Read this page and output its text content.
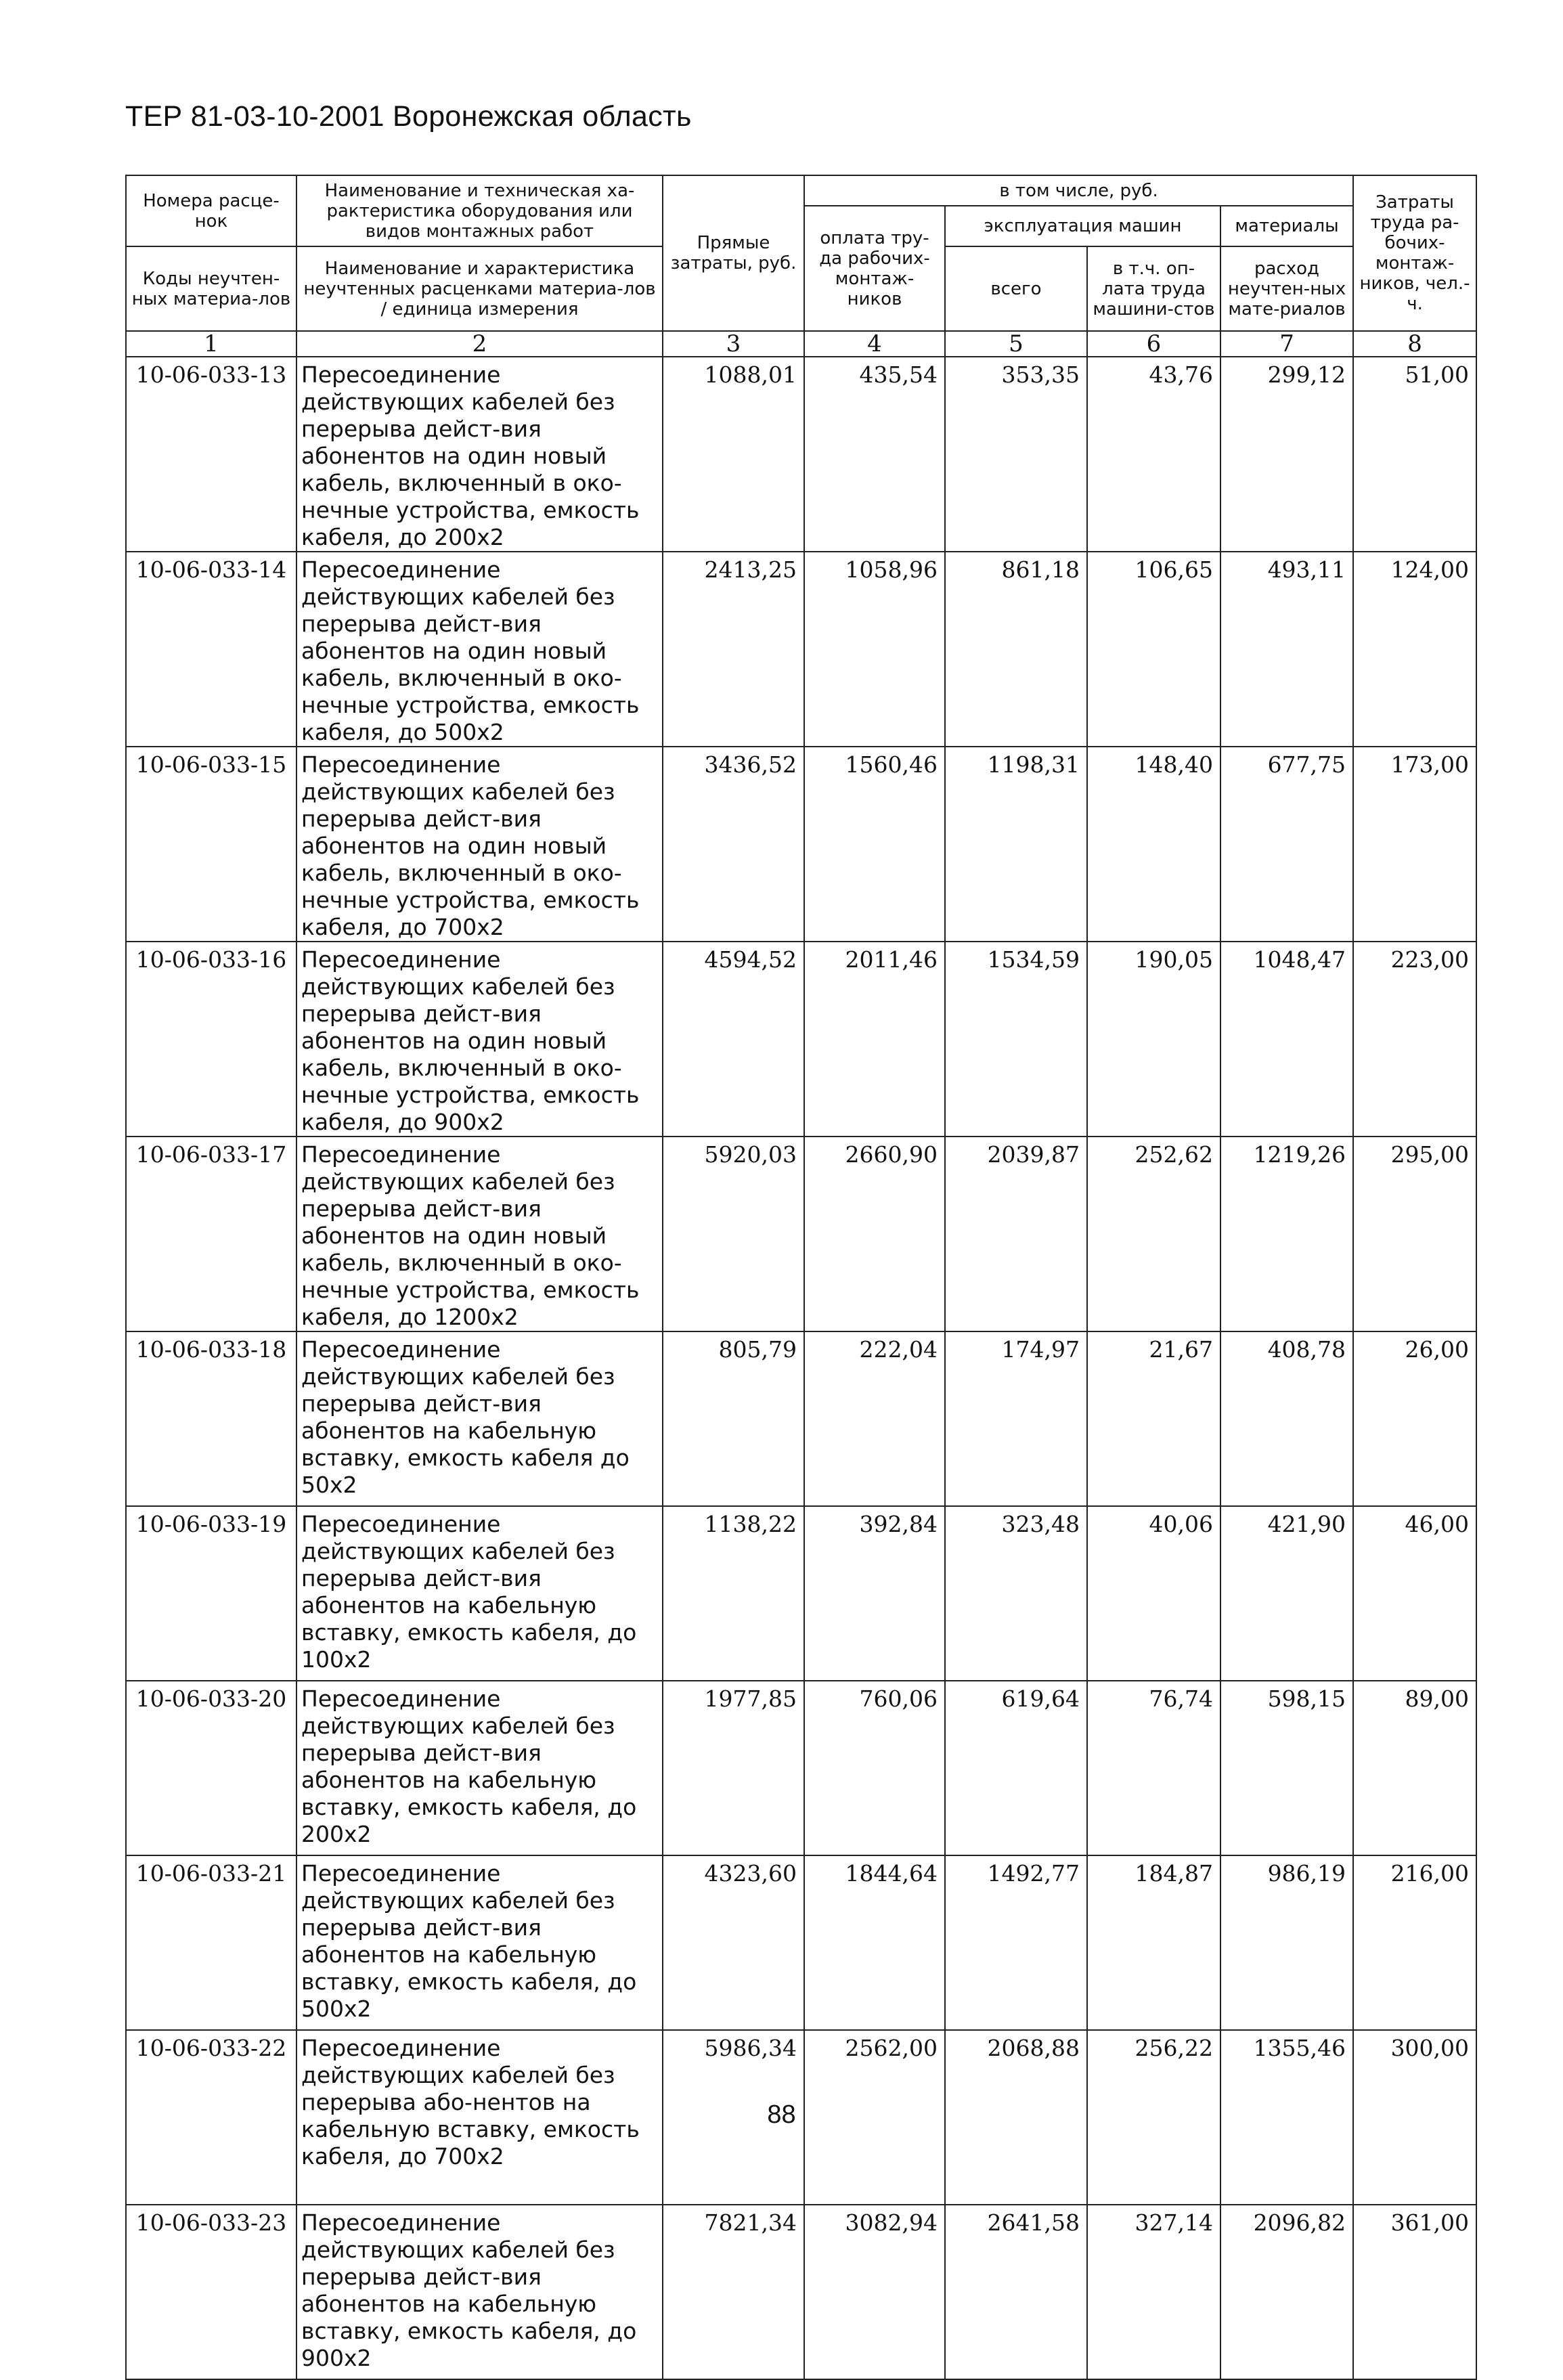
ТЕР 81-03-10-2001 Воронежская область
Номера расце-нок	Наименование и техническая ха-рактеристика оборудования или видов монтажных работ	Прямые затраты, руб.	в том числе, руб.				Затраты труда ра-бочих-монтаж-ников, чел.-ч.
			оплата тру-да рабочих-монтаж-ников	эксплуатация машин		материалы	
Коды неучтен-ных материа-лов	Наименование и характеристика неучтенных расценками материа-лов / единица измерения			всего	в т.ч. оп-лата труда машини-стов	расход неучтен-ных мате-риалов	

1	2	3	4	5	6	7	8
10-06-033-13	Пересоединение действующих кабелей без перерыва дейст-вия абонентов на один новый кабель, включенный в око-нечные устройства, емкость кабеля, до 200x2	1088,01	435,54	353,35	43,76	299,12	51,00
10-06-033-14	Пересоединение действующих кабелей без перерыва дейст-вия абонентов на один новый кабель, включенный в око-нечные устройства, емкость кабеля, до 500x2	2413,25	1058,96	861,18	106,65	493,11	124,00
10-06-033-15	Пересоединение действующих кабелей без перерыва дейст-вия абонентов на один новый кабель, включенный в око-нечные устройства, емкость кабеля, до 700x2	3436,52	1560,46	1198,31	148,40	677,75	173,00
10-06-033-16	Пересоединение действующих кабелей без перерыва дейст-вия абонентов на один новый кабель, включенный в око-нечные устройства, емкость кабеля, до 900x2	4594,52	2011,46	1534,59	190,05	1048,47	223,00
10-06-033-17	Пересоединение действующих кабелей без перерыва дейст-вия абонентов на один новый кабель, включенный в око-нечные устройства, емкость кабеля, до 1200x2	5920,03	2660,90	2039,87	252,62	1219,26	295,00
10-06-033-18	Пересоединение действующих кабелей без перерыва дейст-вия абонентов на кабельную вставку, емкость кабеля до 50x2	805,79	222,04	174,97	21,67	408,78	26,00
10-06-033-19	Пересоединение действующих кабелей без перерыва дейст-вия абонентов на кабельную вставку, емкость кабеля, до 100x2	1138,22	392,84	323,48	40,06	421,90	46,00
10-06-033-20	Пересоединение действующих кабелей без перерыва дейст-вия абонентов на кабельную вставку, емкость кабеля, до 200x2	1977,85	760,06	619,64	76,74	598,15	89,00
10-06-033-21	Пересоединение действующих кабелей без перерыва дейст-вия абонентов на кабельную вставку, емкость кабеля, до 500x2	4323,60	1844,64	1492,77	184,87	986,19	216,00
10-06-033-22	Пересоединение действующих кабелей без перерыва або-нентов на кабельную вставку, емкость кабеля, до 700x2	5986,34	2562,00	2068,88	256,22	1355,46	300,00
10-06-033-23	Пересоединение действующих кабелей без перерыва дейст-вия абонентов на кабельную вставку, емкость кабеля, до 900x2	7821,34	3082,94	2641,58	327,14	2096,82	361,00
88
